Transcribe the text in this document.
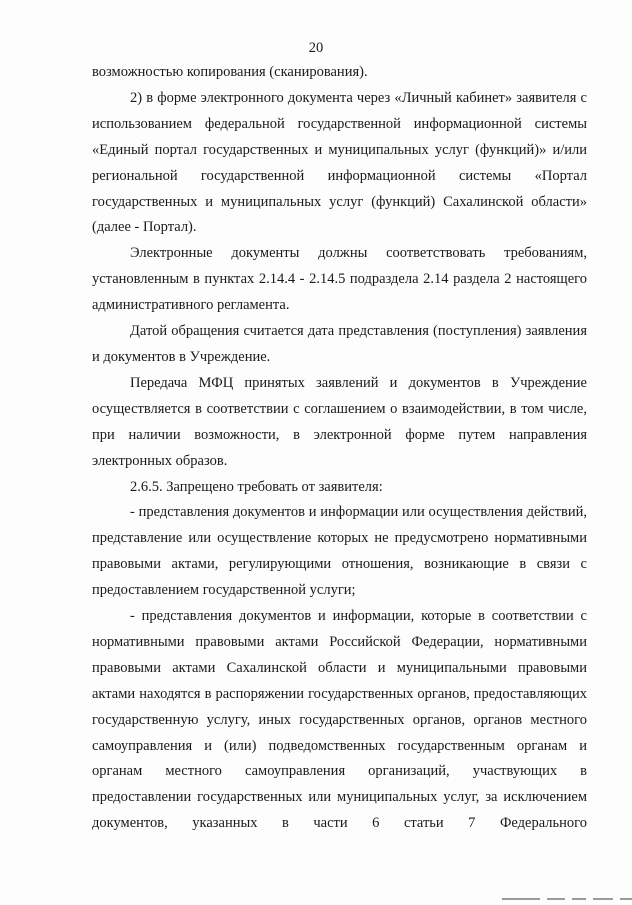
20

возможностью копирования (сканирования).

2) в форме электронного документа через «Личный кабинет» заявителя с использованием федеральной государственной информационной системы «Единый портал государственных и муниципальных услуг (функций)» и/или региональной государственной информационной системы «Портал государственных и муниципальных услуг (функций) Сахалинской области» (далее - Портал).

Электронные документы должны соответствовать требованиям, установленным в пунктах 2.14.4 - 2.14.5 подраздела 2.14 раздела 2 настоящего административного регламента.

Датой обращения считается дата представления (поступления) заявления и документов в Учреждение.

Передача МФЦ принятых заявлений и документов в Учреждение осуществляется в соответствии с соглашением о взаимодействии, в том числе, при наличии возможности, в электронной форме путем направления электронных образов.

2.6.5. Запрещено требовать от заявителя:

- представления документов и информации или осуществления действий, представление или осуществление которых не предусмотрено нормативными правовыми актами, регулирующими отношения, возникающие в связи с предоставлением государственной услуги;

- представления документов и информации, которые в соответствии с нормативными правовыми актами Российской Федерации, нормативными правовыми актами Сахалинской области и муниципальными правовыми актами находятся в распоряжении государственных органов, предоставляющих государственную услугу, иных государственных органов, органов местного самоуправления и (или) подведомственных государственным органам и органам местного самоуправления организаций, участвующих в предоставлении государственных или муниципальных услуг, за исключением документов, указанных в части 6 статьи 7 Федерального
